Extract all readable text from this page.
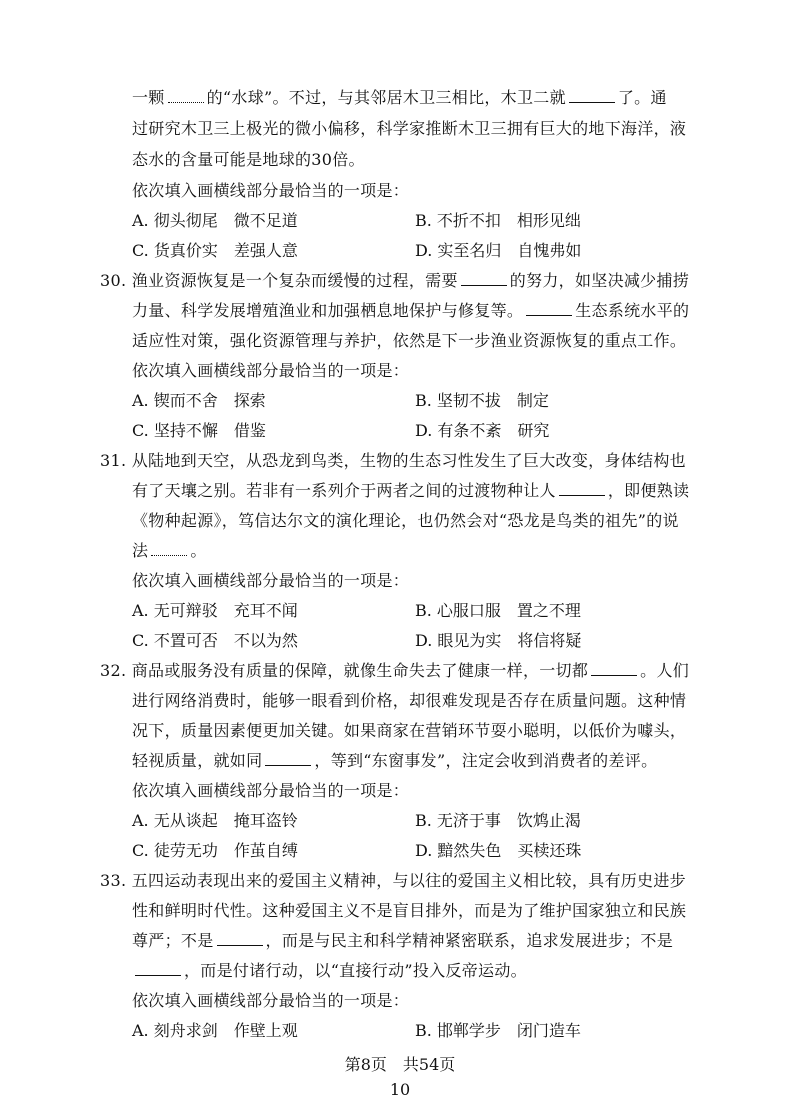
一颗	的“水球”。不过，与其邻居木卫三相比，木卫二就	了。通
过研究木卫三上极光的微小偏移，科学家推断木卫三拥有巨大的地下海洋，液
态水的含量可能是地球的30倍。
依次填入画横线部分最恰当的一项是：
A. 彻头彻尾　微不足道	B. 不折不扣　相形见绌
C. 货真价实　差强人意	D. 实至名归　自愧弗如
30. 渔业资源恢复是一个复杂而缓慢的过程，需要	的努力，如坚决减少捕捞
力量、科学发展增殖渔业和加强栖息地保护与修复等。	生态系统水平的
适应性对策，强化资源管理与养护，依然是下一步渔业资源恢复的重点工作。
依次填入画横线部分最恰当的一项是：
A. 锲而不舍　探索	B. 坚韧不拔　制定
C. 坚持不懈　借鉴	D. 有条不紊　研究
31. 从陆地到天空，从恐龙到鸟类，生物的生态习性发生了巨大改变，身体结构也
有了天壤之别。若非有一系列介于两者之间的过渡物种让人	，即便熟读
《物种起源》，笃信达尔文的演化理论，也仍然会对“恐龙是鸟类的祖先”的说
法	。
依次填入画横线部分最恰当的一项是：
A. 无可辩驳　充耳不闻	B. 心服口服　置之不理
C. 不置可否　不以为然	D. 眼见为实　将信将疑
32. 商品或服务没有质量的保障，就像生命失去了健康一样，一切都	。人们
进行网络消费时，能够一眼看到价格，却很难发现是否存在质量问题。这种情
况下，质量因素便更加关键。如果商家在营销环节耍小聪明，以低价为噱头，
轻视质量，就如同	，等到“东窗事发”，注定会收到消费者的差评。
依次填入画横线部分最恰当的一项是：
A. 无从谈起　掩耳盗铃	B. 无济于事　饮鸩止渴
C. 徒劳无功　作茧自缚	D. 黯然失色　买椟还珠
33. 五四运动表现出来的爱国主义精神，与以往的爱国主义相比较，具有历史进步
性和鲜明时代性。这种爱国主义不是盲目排外，而是为了维护国家独立和民族
尊严；不是	，而是与民主和科学精神紧密联系，追求发展进步；不是
，而是付诸行动，以“直接行动”投入反帝运动。
依次填入画横线部分最恰当的一项是：
A. 刻舟求剑　作壁上观	B. 邯郸学步　闭门造车
第8页　共54页
10
